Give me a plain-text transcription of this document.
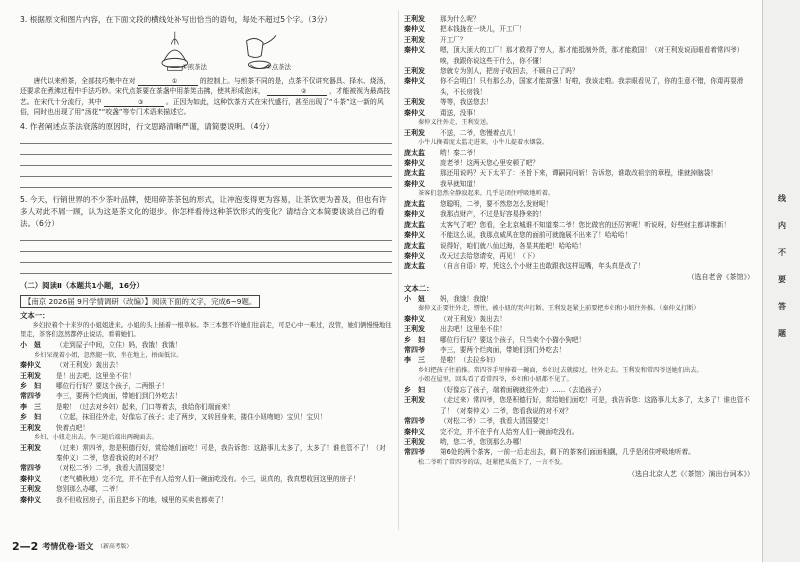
3. 根据原文和图片内容，在下面文段的横线处补写出恰当的语句，每处不超过5个字。（3分）
①煎茶法	②点茶法
唐代以来煎茶，全部技巧集中在对	①	的控制上。与煎茶不同的是，点茶不仅讲究器具、择水、烧汤，还要求在煮沸过程中手法巧妙。宋代点茶要在茶盏中用茶筅击拂，使其形成泡沫，	②	，才能被视为最高技艺。在宋代十分流行，其中	③	。正因为如此，这种饮茶方式在宋代盛行，甚至出现了“斗茶”这一新的风俗，同时也出现了用“汤花”“咬盏”等专门术语来描述它。
4. 作者阐述点茶法衰落的原因时，行文思路清晰严谨，请简要说明。（4分）
5. 今天，行销世界的不少茶叶品牌，使用碎茶茶包的形式，让冲泡变得更为容易，让茶饮更为普及，但也有许多人对此不屑一顾，认为这是茶文化的退步。你怎样看待这种茶饮形式的变化？请结合文本简要谈谈自己的看法。（6分）
（二）阅读Ⅱ（本题共1小题，16分）
【南京 2026届 9月学情调研（改编）】阅读下面的文字，完成6~9题。
文本一：
乡妇拉着个十来岁的小姐姐进来。小姐的头上插着一根草标。李三本想不许她们往前走，可是心中一难过，没管，她们俩慢慢地往里走，茶客们忽然都停止说话，看着她们。
小　妞	（走到屋子中间，立住）妈，我饿！我饿！
乡妇呆视着小姐，忽然腿一软，坐在地上，捂面低泣。
秦仲义	（对王利发）轰出去！
王利发	是！出去吧，这里坐不住！
乡　妇	哪位行行好？要这个孩子，二两银子！
常四爷	李三，要两个烂肉面，带她们到门外吃去！
李　三	是啦！（过去对乡妇）起来，门口等着去，我给你们端面来！
乡　妇	（立起，抹泪往外走，好像忘了孩子；走了两步，又转回身来，搂住小妞吻她）宝贝！宝贝！
王利发	快着点吧！
乡妇、小妞走出去。李三随后端出两碗面去。
王利发	（过来）常四爷，您是积德行好，赏给她们面吃！可是，我告诉您：这路事儿太多了，太多了！谁也管不了！（对秦仲义）二爷，您看我说的对不对？
常四爷	（对松二爷）二爷，我看大清国要完！
秦仲义	（老气横秋地）完不完，并不在乎有人给穷人们一碗面吃没有。小三，说真的，我真想收回这里的房子！
王利发	您别那么办哪，二爷！
秦仲义	我不但收回房子，而且把乡下的地，城里的买卖也都卖了！
王利发	那为什么呢？
秦仲义	把本钱拢在一块儿，开工厂！
王利发	开工厂？
秦仲义	嗯，顶大顶大的工厂！那才救得了穷人，那才能抵制外货，那才能救国！（对王利发说而眼看着常四爷）唉，我跟你说这些干什么，你不懂！
王利发	您就专为别人，把房子收回去，不顾自己了吗？
秦仲义	你不会明白！只有那么办，国家才能富强！好啦，我该走啦。我亲眼看见了，你的生意不错，你甭再耍滑头，不长房钱！
王利发	等等，我送您去！
秦仲义	甭送，没事！
秦仲义往外走，王利发送。
王利发	不送，二爷，您慢着点儿！
小牛儿搀着庞太监走进来，小牛儿提着水烟袋。
庞太监	哟！秦二爷！
秦仲义	庞老爷！这两天您心里安顿了吧？
庞太监	那还用说吗？天下太平了：圣旨下来，谭嗣同问斩！告诉您，谁敢改祖宗的章程，谁就掉脑袋！
秦仲义	我早就知道！
茶客们忽然全静寂起来，几乎是闭住呼吸地听着。
庞太监	您聪明，二爷，要不然您怎么发财呢！
秦仲义	我那点财产，不过是好容易挣来的！
庞太监	太客气了吧？您看，全北京城谁不知道秦二爷！您比做官的还厉害呢！听说呀，好些财主都讲维新！
秦仲义	不能这么说，我那点威风在您的面前可就施展不出来了！哈哈哈！
庞太监	说得好，咱们就八仙过海，各显其能吧！哈哈哈！
秦仲义	改天过去给您请安，再见！（下）
庞太监	（自言自语）哼，凭这么个小财主也敢跟我这样逗嘴，年头真是改了！
（选自老舍《茶馆》）
文本二：
小　妞	妈，我饿！我饿！
秦仲义正要往外走，愣住，被小妞的哭声打断。王利发赶紧上前要把乡妇和小妞往外推。（秦仲义打断）
秦仲义	（对王利发）轰出去！
王利发	出去吧！这里坐不住！
乡　妇	哪位行行好？要这个孩子，只当卖个小猫小狗吧！
常四爷	李三，要两个烂肉面，带她们到门外吃去！
李　三	是啦！（去拉乡妇）
乡妇把孩子往前推。常四爷手里捧着一碗面，乡妇过去就接过，往外走去。王利发和常四爷送她们出去。
小妞在屋里，回头看了看常四爷，乡妇和小妞都不见了。
乡　妇	（好像忘了孩子，端着面碗就往外走）……（去追孩子）
王利发	（走过来）常四爷，您是积德行好，赏给她们面吃！可是，我告诉您：这路事儿太多了，太多了！谁也管不了！（对秦仲义）二爷，您看我说的对不对？
常四爷	（对松二爷）二爷，我看大清国要完！
秦仲义	完不完，并不在乎有人给穷人们一碗面吃没有。
王利发	哟，您二爷，您别那么办哪！
常四爷	第6处的两个茶客，一前一后走出去，剩下的茶客们面面相觑，几乎是闭住呼吸地听着。
松二爷听了常四爷的话，赶紧把头低下了，一言不发。
（选自北京人艺《〈茶馆〉演出台词本》）
线
内
不
要
答
题
2—2 考情优卷·语文 （新高考版）
